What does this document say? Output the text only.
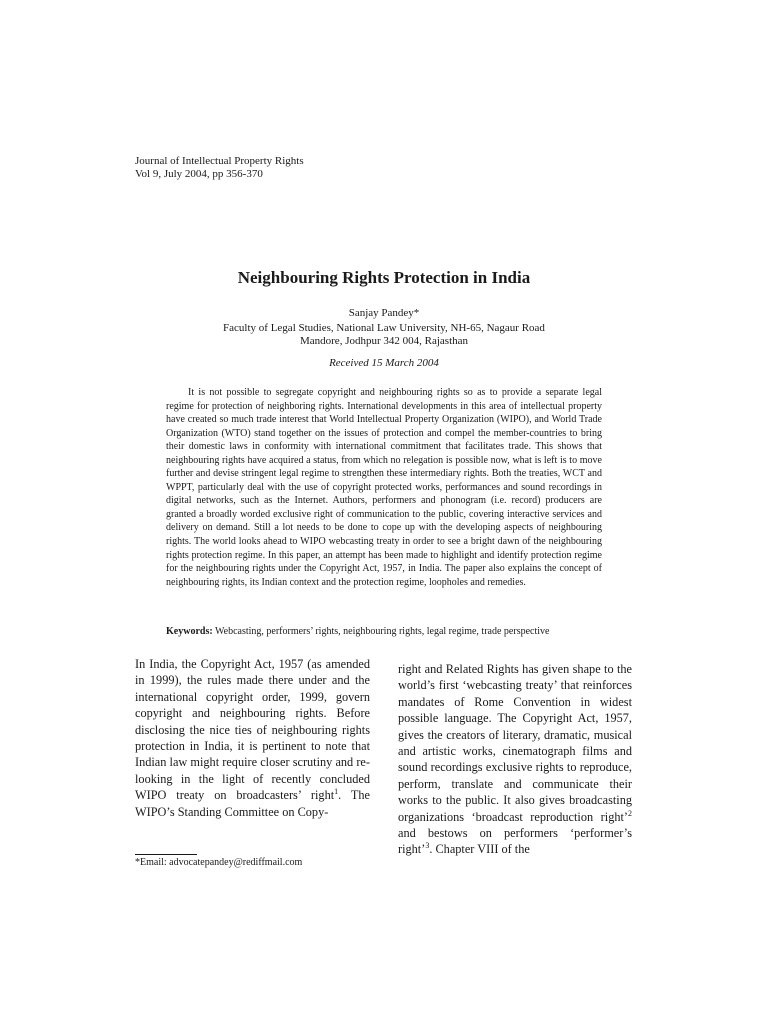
Journal of Intellectual Property Rights
Vol 9, July 2004, pp 356-370
Neighbouring Rights Protection in India
Sanjay Pandey*
Faculty of Legal Studies, National Law University, NH-65, Nagaur Road
Mandore, Jodhpur 342 004, Rajasthan
Received 15 March 2004
It is not possible to segregate copyright and neighbouring rights so as to provide a separate legal regime for protection of neighboring rights. International developments in this area of intellectual property have created so much trade interest that World Intellectual Property Organization (WIPO), and World Trade Organization (WTO) stand together on the issues of protection and compel the member-countries to bring their domestic laws in conformity with international commitment that facilitates trade. This shows that neighbouring rights have acquired a status, from which no relegation is possible now, what is left is to move further and devise stringent legal regime to strengthen these intermediary rights. Both the treaties, WCT and WPPT, particularly deal with the use of copyright protected works, performances and sound recordings in digital networks, such as the Internet. Authors, performers and phonogram (i.e. record) producers are granted a broadly worded exclusive right of communication to the public, covering interactive services and delivery on demand. Still a lot needs to be done to cope up with the developing aspects of neighbouring rights. The world looks ahead to WIPO webcasting treaty in order to see a bright dawn of the neighbouring rights protection regime. In this paper, an attempt has been made to highlight and identify protection regime for the neighbouring rights under the Copyright Act, 1957, in India. The paper also explains the concept of neighbouring rights, its Indian context and the protection regime, loopholes and remedies.
Keywords: Webcasting, performers’ rights, neighbouring rights, legal regime, trade perspective
In India, the Copyright Act, 1957 (as amended in 1999), the rules made there under and the international copyright order, 1999, govern copyright and neighbouring rights. Before disclosing the nice ties of neighbouring rights protection in India, it is pertinent to note that Indian law might require closer scrutiny and relooking in the light of recently concluded WIPO treaty on broadcasters’ right$^1$. The WIPO’s Standing Committee on Copy-
right and Related Rights has given shape to the world’s first ‘webcasting treaty’ that reinforces mandates of Rome Convention in widest possible language. The Copyright Act, 1957, gives the creators of literary, dramatic, musical and artistic works, cinematograph films and sound recordings exclusive rights to reproduce, perform, translate and communicate their works to the public. It also gives broadcasting organizations ‘broadcast reproduction right’$^2$ and bestows on performers ‘performer’s right’$^3$. Chapter VIII of the
*Email: advocatepandey@rediffmail.com
